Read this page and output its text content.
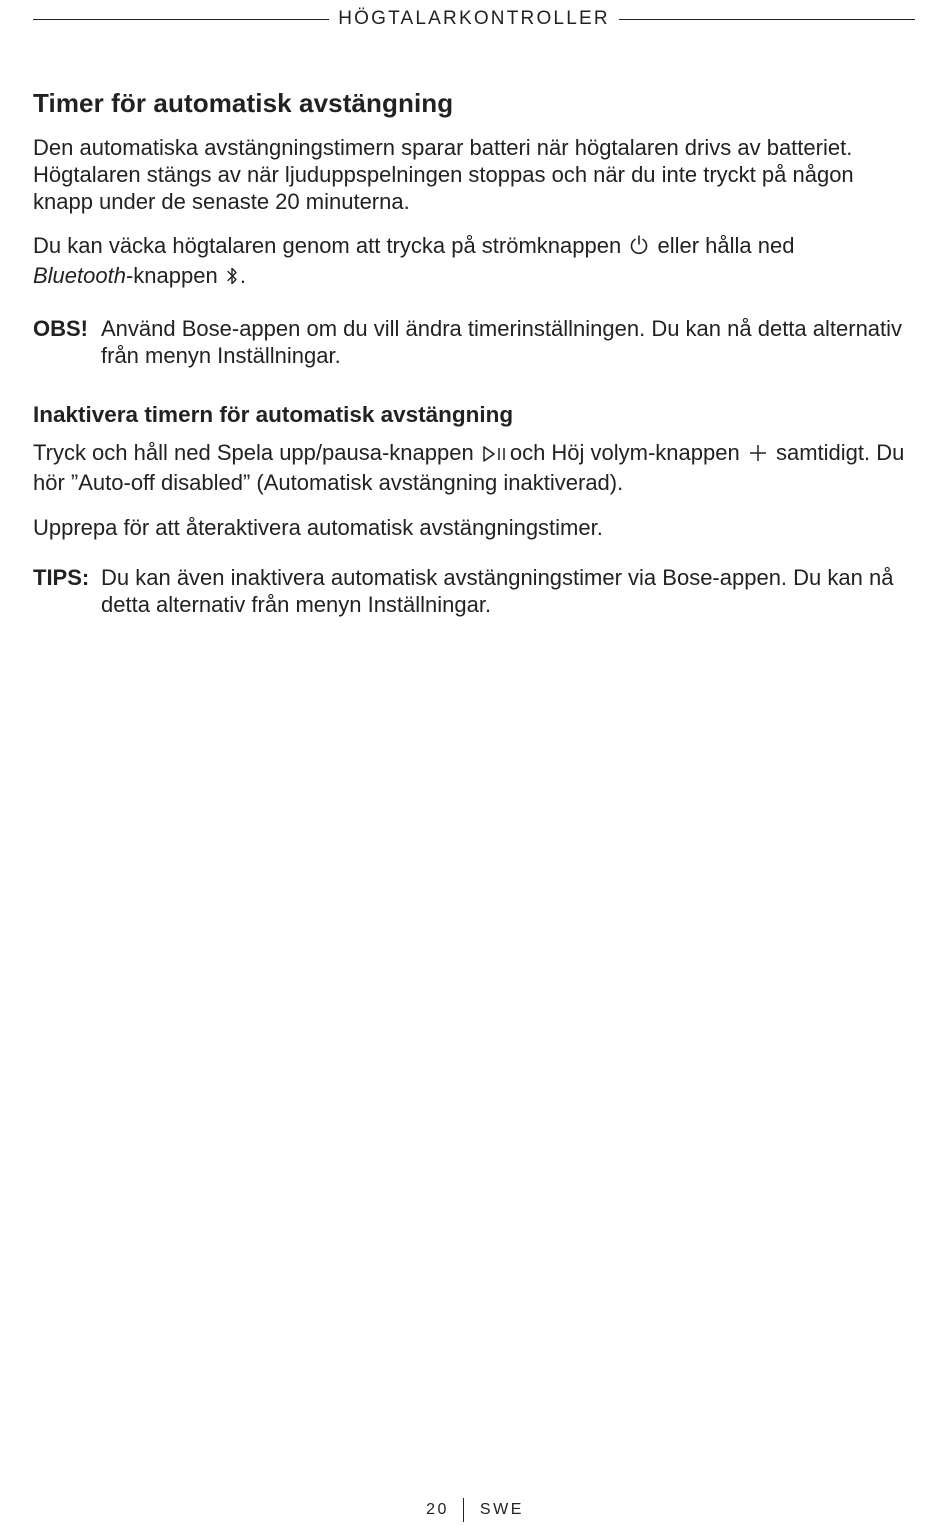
HÖGTALARKONTROLLER
Timer för automatisk avstängning

Den automatiska avstängningstimern sparar batteri när högtalaren drivs av batteriet. Högtalaren stängs av när ljuduppspelningen stoppas och när du inte tryckt på någon knapp under de senaste 20 minuterna.

Du kan väcka högtalaren genom att trycka på strömknappen eller hålla ned
Bluetooth-knappen .

OBS! Använd Bose-appen om du vill ändra timerinställningen. Du kan nå detta alternativ från menyn Inställningar.
Inaktivera timern för automatisk avstängning

Tryck och håll ned Spela upp/pausa-knappen och Höj volym-knappen samtidigt. Du hör ”Auto-off disabled” (Automatisk avstängning inaktiverad).

Upprepa för att återaktivera automatisk avstängningstimer.

TIPS: Du kan även inaktivera automatisk avstängningstimer via Bose-appen. Du kan nå detta alternativ från menyn Inställningar.
20 SWE
